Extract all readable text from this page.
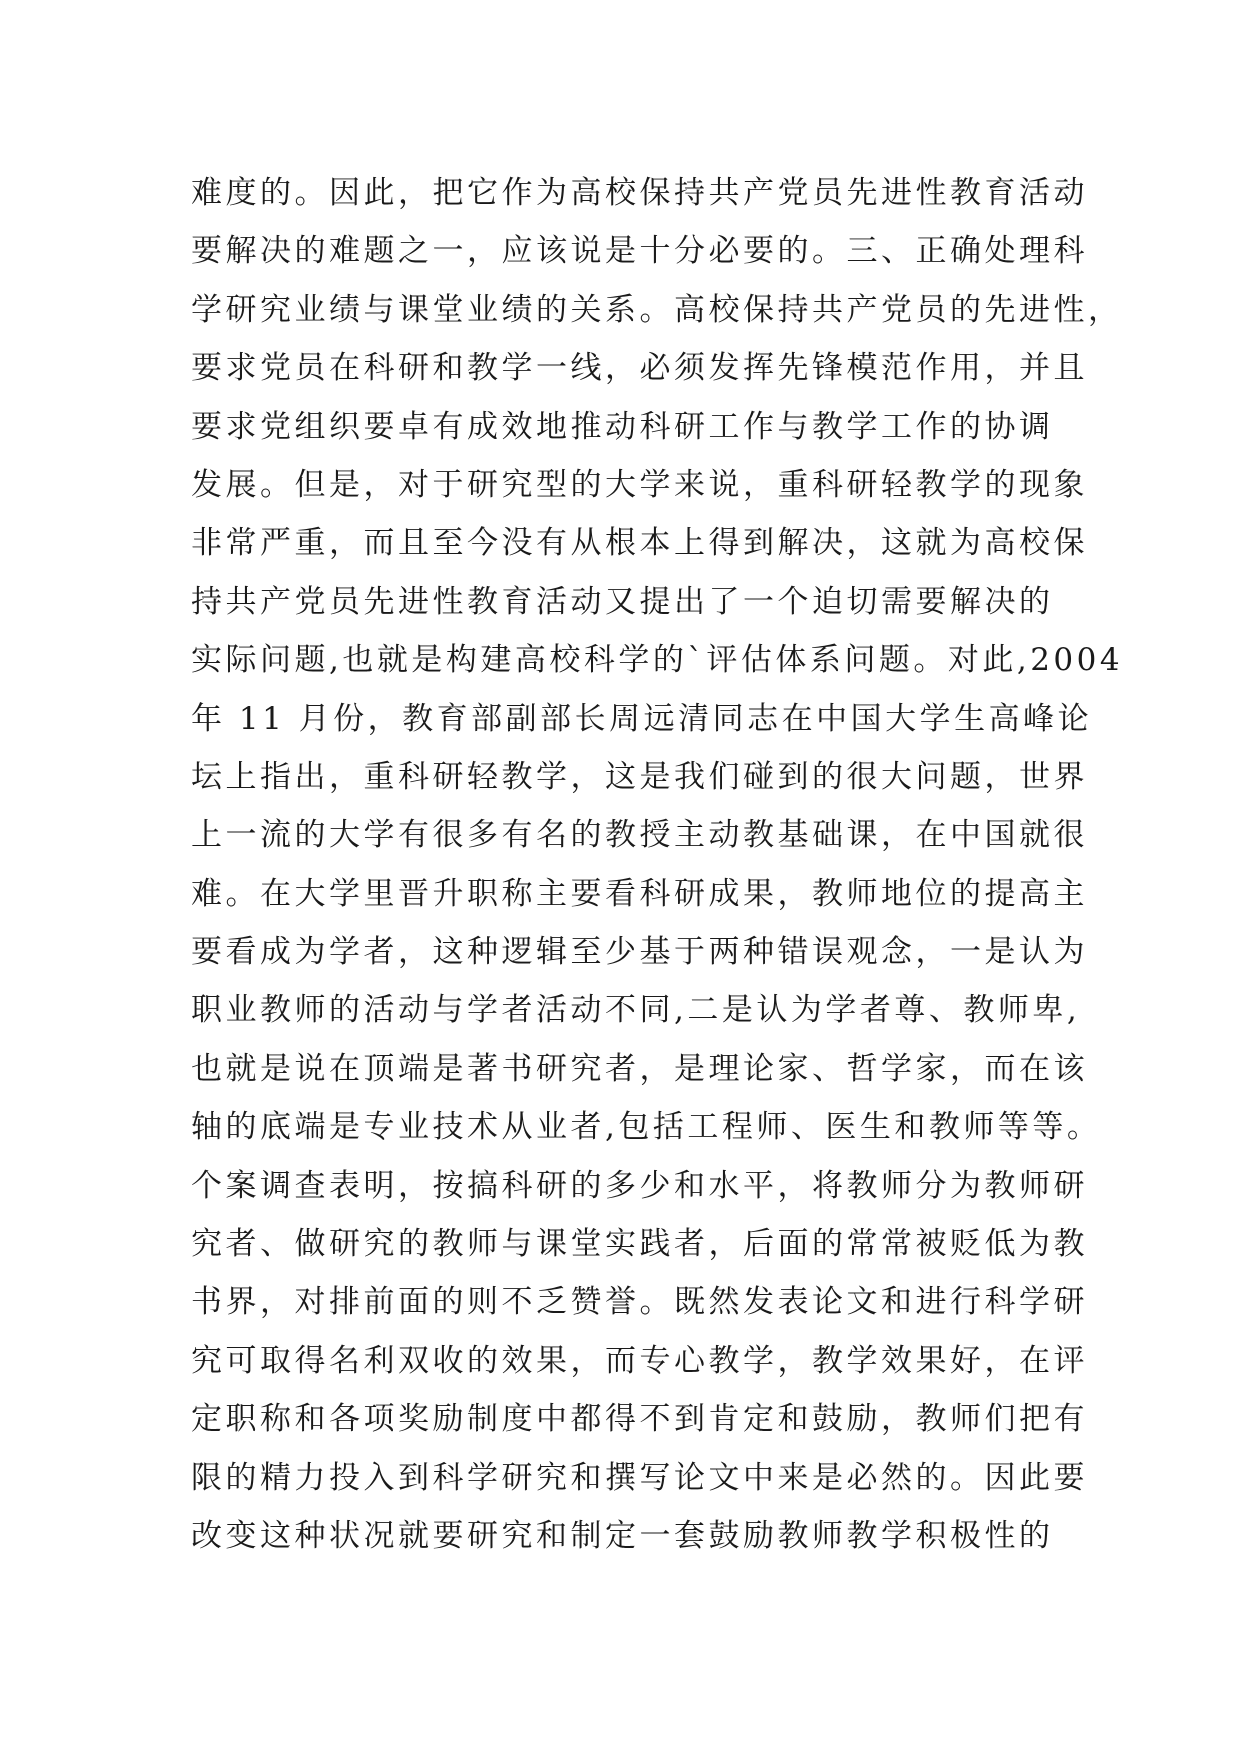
难度的。因此，把它作为高校保持共产党员先进性教育活动
要解决的难题之一，应该说是十分必要的。三、正确处理科
学研究业绩与课堂业绩的关系。高校保持共产党员的先进性，
要求党员在科研和教学一线，必须发挥先锋模范作用，并且
要求党组织要卓有成效地推动科研工作与教学工作的协调
发展。但是，对于研究型的大学来说，重科研轻教学的现象
非常严重，而且至今没有从根本上得到解决，这就为高校保
持共产党员先进性教育活动又提出了一个迫切需要解决的
实际问题,也就是构建高校科学的`评估体系问题。对此,2004
年 11 月份，教育部副部长周远清同志在中国大学生高峰论
坛上指出，重科研轻教学，这是我们碰到的很大问题，世界
上一流的大学有很多有名的教授主动教基础课，在中国就很
难。在大学里晋升职称主要看科研成果，教师地位的提高主
要看成为学者，这种逻辑至少基于两种错误观念，一是认为
职业教师的活动与学者活动不同,二是认为学者尊、教师卑,
也就是说在顶端是著书研究者，是理论家、哲学家，而在该
轴的底端是专业技术从业者,包括工程师、医生和教师等等。
个案调查表明，按搞科研的多少和水平，将教师分为教师研
究者、做研究的教师与课堂实践者，后面的常常被贬低为教
书界，对排前面的则不乏赞誉。既然发表论文和进行科学研
究可取得名利双收的效果，而专心教学，教学效果好，在评
定职称和各项奖励制度中都得不到肯定和鼓励，教师们把有
限的精力投入到科学研究和撰写论文中来是必然的。因此要
改变这种状况就要研究和制定一套鼓励教师教学积极性的
